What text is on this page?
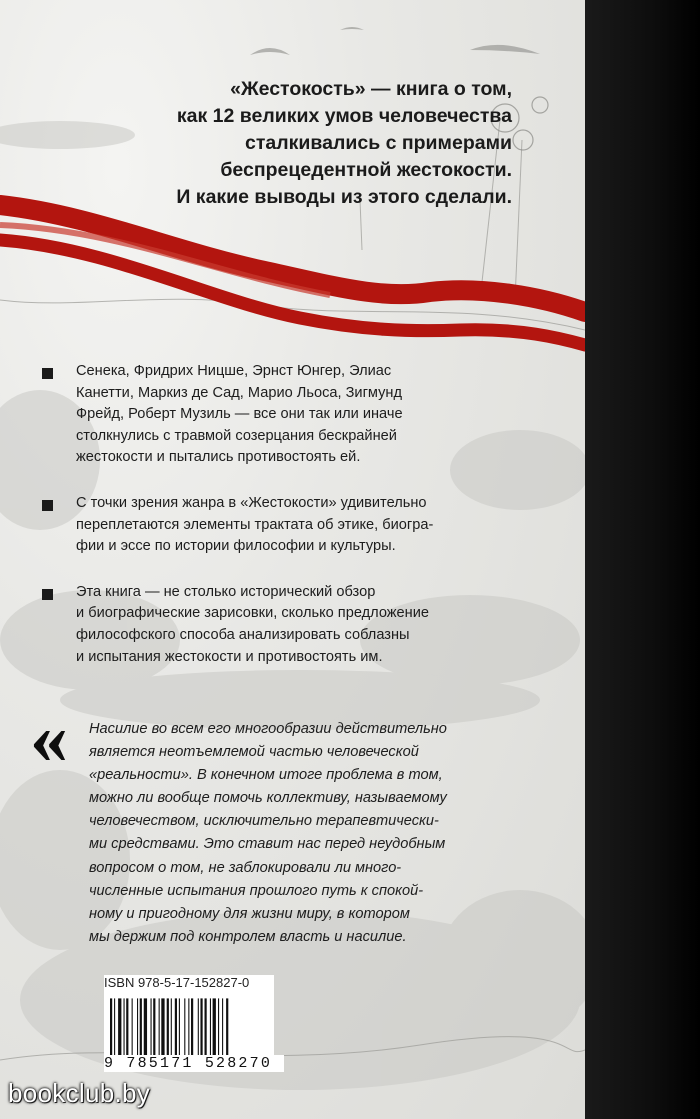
«Жестокость» — книга о том,
как 12 великих умов человечества
сталкивались с примерами
беспрецедентной жестокости.
И какие выводы из этого сделали.
Сенека, Фридрих Ницше, Эрнст Юнгер, Элиас
Канетти, Маркиз де Сад, Марио Льоса, Зигмунд
Фрейд, Роберт Музиль — все они так или иначе
столкнулись с травмой созерцания бескрайней
жестокости и пытались противостоять ей.
С точки зрения жанра в «Жестокости» удивительно
переплетаются элементы трактата об этике, биогра-
фии и эссе по истории философии и культуры.
Эта книга — не столько исторический обзор
и биографические зарисовки, сколько предложение
философского способа анализировать соблазны
и испытания жестокости и противостоять им.
« Насилие во всем его многообразии действительно
является неотъемлемой частью человеческой
«реальности». В конечном итоге проблема в том,
можно ли вообще помочь коллективу, называемому
человечеством, исключительно терапевтически-
ми средствами. Это ставит нас перед неудобным
вопросом о том, не заблокировали ли много-
численные испытания прошлого путь к спокой-
ному и пригодному для жизни миру, в котором
мы держим под контролем власть и насилие.
ISBN 978-5-17-152827-0
9 785171 528270
bookclub.by
